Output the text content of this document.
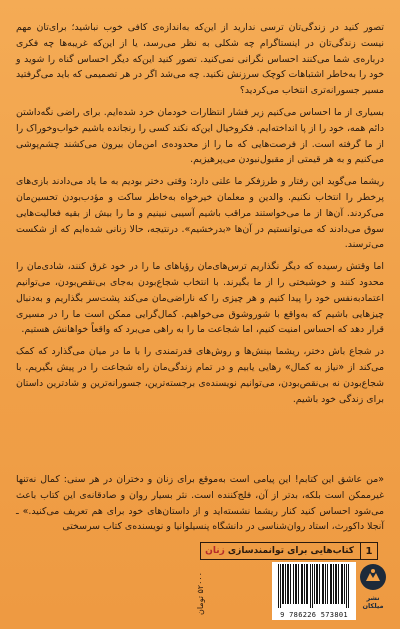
تصور کنید در زندگی‌تان ترسی ندارید از این‌که به‌اندازه‌ی کافی خوب نباشید؛ برای‌تان مهم نیست زندگی‌تان در اینستاگرام چه شکلی به نظر می‌رسد، یا از این‌که غریبه‌ها چه فکری درباره‌ی شما می‌کنند احساس نگرانی نمی‌کنید. تصور کنید این‌که دیگر احساس گناه را شوید و خود را به‌خاطر اشتباهات کوچک سرزنش نکنید. چه می‌شد اگر در هر تصمیمی که باید می‌گرفتید مسیر جسورانه‌تری انتخاب می‌کردید؟

بسیاری از ما احساس می‌کنیم زیر فشار انتظارات خودمان خرد شده‌ایم. برای راضی نگه‌داشتن دائم همه، خود را از پا انداخته‌ایم. فکرو‌خیال این‌که نکند کسی را رنجانده باشیم خواب‌وخوراک را از ما گرفته است. از فرصت‌هایی که ما را از محدوده‌ی امن‌مان بیرون می‌کشند چشم‌پوشی می‌کنیم و به هر قیمتی از مقبول‌نبودن می‌پرهیزیم.

ریشما می‌گوید این رفتار و طرزفکر ما علتی دارد: وقتی دختر بودیم به ما یاد می‌دادند بازی‌های پرخطر را انتخاب نکنیم. والدین و معلمان خیرخواه به‌خاطر ساکت و مؤدب‌بودن تحسین‌مان می‌کردند. آن‌ها از ما می‌خواستند مراقب باشیم آسیبی نبینیم و ما را بیش از بقیه فعالیت‌هایی سوق می‌دادند که می‌توانستیم در آن‌ها «بدرخشیم». درنتیجه، حالا زنانی شده‌ایم که از شکست می‌ترسند.

اما وقتش رسیده که دیگر نگذاریم ترس‌های‌مان رؤیاهای ما را در خود غرق کنند، شادی‌مان را محدود کنند و خوشبختی را از ما بگیرند. با انتخاب شجاع‌بودن به‌جای بی‌نقص‌بودن، می‌توانیم اعتماد‌به‌نفس خود را پیدا کنیم و هر چیزی را که ناراضی‌مان می‌کند پشت‌سر بگذاریم و به‌دنبال چیزهایی باشیم که به‌واقع با شور‌و‌شوق می‌خواهیم. کمال‌گرایی ممکن است ما را در مسیری قرار دهد که احساس امنیت کنیم، اما شجاعت ما را به راهی می‌برد که واقعاً خواهانش هستیم.

در شجاع باش دختر، ریشما بینش‌ها و روش‌های قدرتمندی را با ما در میان می‌گذارد که کمک می‌کند از «نیاز به کمال» رهایی یابیم و در تمام زندگی‌مان راه شجاعت را در پیش بگیریم. با شجاع‌بودن نه بی‌نقص‌بودن، می‌توانیم نویسنده‌ی برجسته‌ترین، جسورانه‌ترین و شادترین داستان برای زندگی خود باشیم.

«من عاشق این کتابم! این پیامی است به‌موقع برای زنان و دختران در هر سنی: کمال نه‌تنها غیرممکن است بلکه، بدتر از آن، فلج‌کننده است. نثر بسیار روان و صادقانه‌ی این کتاب باعث می‌شود احساس کنید کنار ریشما نشسته‌اید و از داستان‌های خود برای هم تعریف می‌کنید.» ـ آنجلا داکورث، استاد روان‌شناسی در دانشگاه پنسیلوانیا و نویسنده‌ی کتاب سرسختی
1
کتاب‌هایی برای توانمندسازی زنان
۵۲۰۰۰ تومان
9 786226 573801
نشر میلکان
